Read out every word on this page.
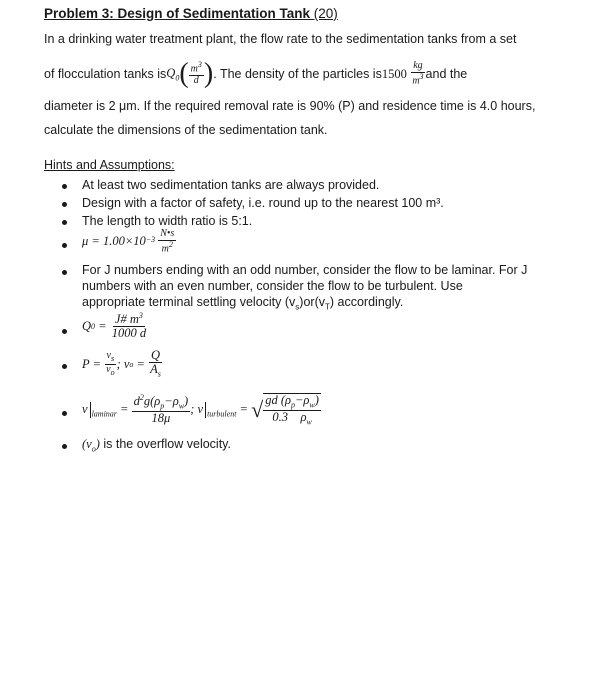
Problem 3: Design of Sedimentation Tank (20)
In a drinking water treatment plant, the flow rate to the sedimentation tanks from a set
of flocculation tanks is $Q_0$ ( $\frac{m^3}{d}$ ) . The density of the particles is 1500
$\frac{kg}{m^3}$ and the
diameter is 2 μm. If the required removal rate is 90% (P) and residence time is 4.0 hours,
calculate the dimensions of the sedimentation tank.
Hints and Assumptions:
At least two sedimentation tanks are always provided.
Design with a factor of safety, i.e. round up to the nearest 100 m³.
The length to width ratio is 5:1.
$\mu = 1.00\times 10 -3 \frac{N•s}{m^2}$
For J numbers ending with an odd number, consider the flow to be laminar. For J
numbers with an even number, consider the flow to be turbulent. Use
appropriate terminal settling velocity $(v_s)or(v_T)$ accordingly.
Q $0 = \frac{J\# m^3}{1000 d}$
P =
$\frac{v_s}{v_o}$ ;
v $o = \frac{Q}{A_s}$
v $_{laminar} = \frac{d^2g(\rho_p-\rho_w)}{18\mu}$ ;
v $_{turbulent}$ = √ $\frac{gd (\rho_p-\rho_w)}{0.3 \rho_w}$
$(v_o)$ is the overflow velocity.
